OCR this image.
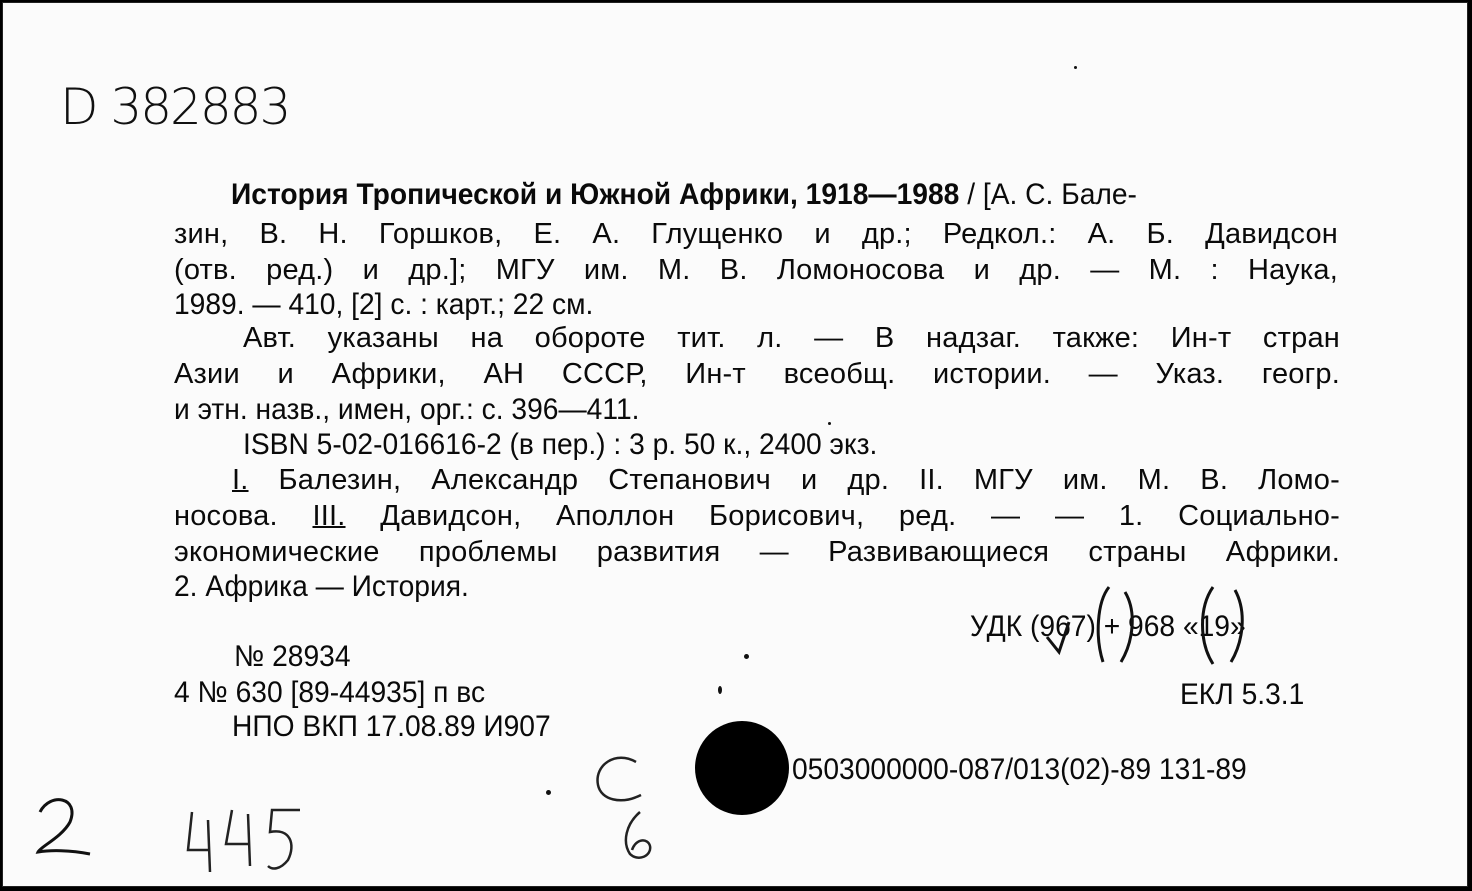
D 382883
История Тропической и Южной Африки, 1918—1988 / [А. С. Бале-
зин, В. Н. Горшков, Е. А. Глущенко и др.; Редкол.: А. Б. Давидсон
(отв. ред.) и др.]; МГУ им. М. В. Ломоносова и др. — М. : Наука,
1989. — 410, [2] с. : карт.; 22 см.
Авт. указаны на обороте тит. л. — В надзаг. также: Ин-т стран
Азии и Африки, АН СССР, Ин-т всеобщ. истории. — Указ. геогр.
и этн. назв., имен, орг.: с. 396—411.
ISBN 5-02-016616-2 (в пер.) : 3 р. 50 к., 2400 экз.
I. Балезин, Александр Степанович и др. II. МГУ им. М. В. Ломо-
носова. III. Давидсон, Аполлон Борисович, ред. — — 1. Социально-
экономические проблемы развития — Развивающиеся страны Африки.
2. Африка — История.
УДК (967) + 968 «19»
№ 28934
4 № 630 [89-44935] п вс	ЕКЛ 5.3.1
НПО ВКП 17.08.89 И907
0503000000-087/013(02)-89 131-89
